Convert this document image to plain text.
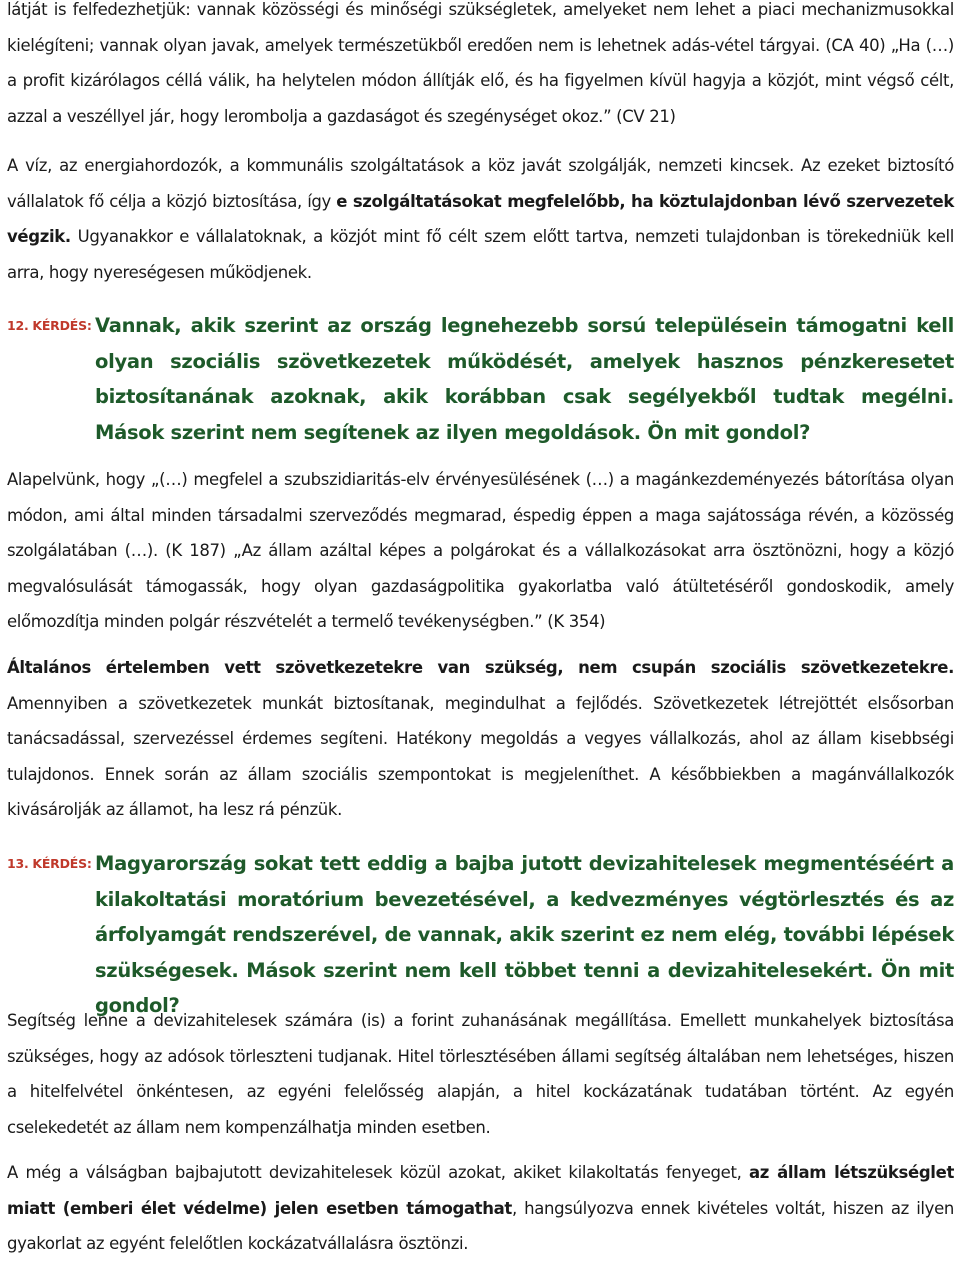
látját is felfedezhetjük: vannak közösségi és minőségi szükségletek, amelyeket nem lehet a piaci mechanizmusokkal kielégíteni; vannak olyan javak, amelyek természetükből eredően nem is lehetnek adás-vétel tárgyai. (CA 40) „Ha (…) a profit kizárólagos céllá válik, ha helytelen módon állítják elő, és ha figyelmen kívül hagyja a közjót, mint végső célt, azzal a veszéllyel jár, hogy lerombolja a gazdaságot és szegénységet okoz.” (CV 21)

A víz, az energiahordozók, a kommunális szolgáltatások a köz javát szolgálják, nemzeti kincsek. Az ezeket biztosító vállalatok fő célja a közjó biztosítása, így e szolgáltatásokat megfelelőbb, ha köztulajdonban lévő szervezetek végzik. Ugyanakkor e vállalatoknak, a közjót mint fő célt szem előtt tartva, nemzeti tulajdonban is törekedniük kell arra, hogy nyereségesen működjenek.

12. KÉRDÉS: Vannak, akik szerint az ország legnehezebb sorsú településein támogatni kell olyan szociális szövetkezetek működését, amelyek hasznos pénzkeresetet biztosítanának azoknak, akik korábban csak segélyekből tudtak megélni. Mások szerint nem segítenek az ilyen megoldások. Ön mit gondol?

Alapelvünk, hogy „(…) megfelel a szubszidiaritás-elv érvényesülésének (…) a magánkezdeményezés bátorítása olyan módon, ami által minden társadalmi szerveződés megmarad, éspedig éppen a maga sajátossága révén, a közösség szolgálatában (…). (K 187) „Az állam azáltal képes a polgárokat és a vállalkozásokat arra ösztönözni, hogy a közjó megvalósulását támogassák, hogy olyan gazdaságpolitika gyakorlatba való átültetéséről gondoskodik, amely előmozdítja minden polgár részvételét a termelő tevékenységben.” (K 354)

Általános értelemben vett szövetkezetekre van szükség, nem csupán szociális szövetkezetekre. Amennyiben a szövetkezetek munkát biztosítanak, megindulhat a fejlődés. Szövetkezetek létrejöttét elsősorban tanácsadással, szervezéssel érdemes segíteni. Hatékony megoldás a vegyes vállalkozás, ahol az állam kisebbségi tulajdonos. Ennek során az állam szociális szempontokat is megjeleníthet. A későbbiekben a magánvállalkozók kivásárolják az államot, ha lesz rá pénzük.

13. KÉRDÉS: Magyarország sokat tett eddig a bajba jutott devizahitelesek megmentéséért a kilakoltatási moratórium bevezetésével, a kedvezményes végtörlesztés és az árfolyamgát rendszerével, de vannak, akik szerint ez nem elég, további lépések szükségesek. Mások szerint nem kell többet tenni a devizahitelesekért. Ön mit gondol?

Segítség lenne a devizahitelesek számára (is) a forint zuhanásának megállítása. Emellett munkahelyek biztosítása szükséges, hogy az adósok törleszteni tudjanak. Hitel törlesztésében állami segítség általában nem lehetséges, hiszen a hitelfelvétel önkéntesen, az egyéni felelősség alapján, a hitel kockázatának tudatában történt. Az egyén cselekedetét az állam nem kompenzálhatja minden esetben.

A még a válságban bajbajutott devizahitelesek közül azokat, akiket kilakoltatás fenyeget, az állam létszükséglet miatt (emberi élet védelme) jelen esetben támogathat, hangsúlyozva ennek kivételes voltát, hiszen az ilyen gyakorlat az egyént felelőtlen kockázatvállalásra ösztönzi.
